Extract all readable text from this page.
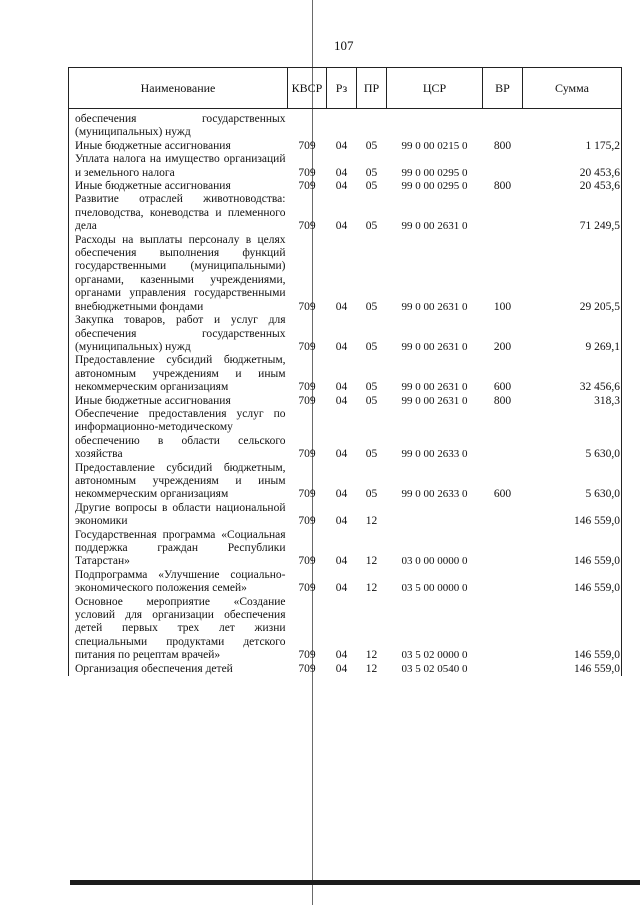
107
Наименование	КВСР	Рз	ПР	ЦСР	ВР	Сумма

обеспечения государственных (муниципальных) нужд						
Иные бюджетные ассигнования	709	04	05	99 0 00 0215 0	800	1 175,2
Уплата налога на имущество организаций и земельного налога	709	04	05	99 0 00 0295 0		20 453,6
Иные бюджетные ассигнования	709	04	05	99 0 00 0295 0	800	20 453,6
Развитие отраслей животноводства: пчеловодства, коневодства и племенного дела	709	04	05	99 0 00 2631 0		71 249,5
Расходы на выплаты персоналу в целях обеспечения выполнения функций государственными (муниципальными) органами, казенными учреждениями, органами управления государственными внебюджетными фондами	709	04	05	99 0 00 2631 0	100	29 205,5
Закупка товаров, работ и услуг для обеспечения государственных (муниципальных) нужд	709	04	05	99 0 00 2631 0	200	9 269,1
Предоставление субсидий бюджетным, автономным учреждениям и иным некоммерческим организациям	709	04	05	99 0 00 2631 0	600	32 456,6
Иные бюджетные ассигнования	709	04	05	99 0 00 2631 0	800	318,3
Обеспечение предоставления услуг по информационно-методическому обеспечению в области сельского хозяйства	709	04	05	99 0 00 2633 0		5 630,0
Предоставление субсидий бюджетным, автономным учреждениям и иным некоммерческим организациям	709	04	05	99 0 00 2633 0	600	5 630,0
Другие вопросы в области национальной экономики	709	04	12			146 559,0
Государственная программа «Социальная поддержка граждан Республики Татарстан»	709	04	12	03 0 00 0000 0		146 559,0
Подпрограмма «Улучшение социально-экономического положения семей»	709	04	12	03 5 00 0000 0		146 559,0
Основное мероприятие «Создание условий для организации обеспечения детей первых трех лет жизни специальными продуктами детского питания по рецептам врачей»	709	04	12	03 5 02 0000 0		146 559,0
Организация обеспечения детей	709	04	12	03 5 02 0540 0		146 559,0
